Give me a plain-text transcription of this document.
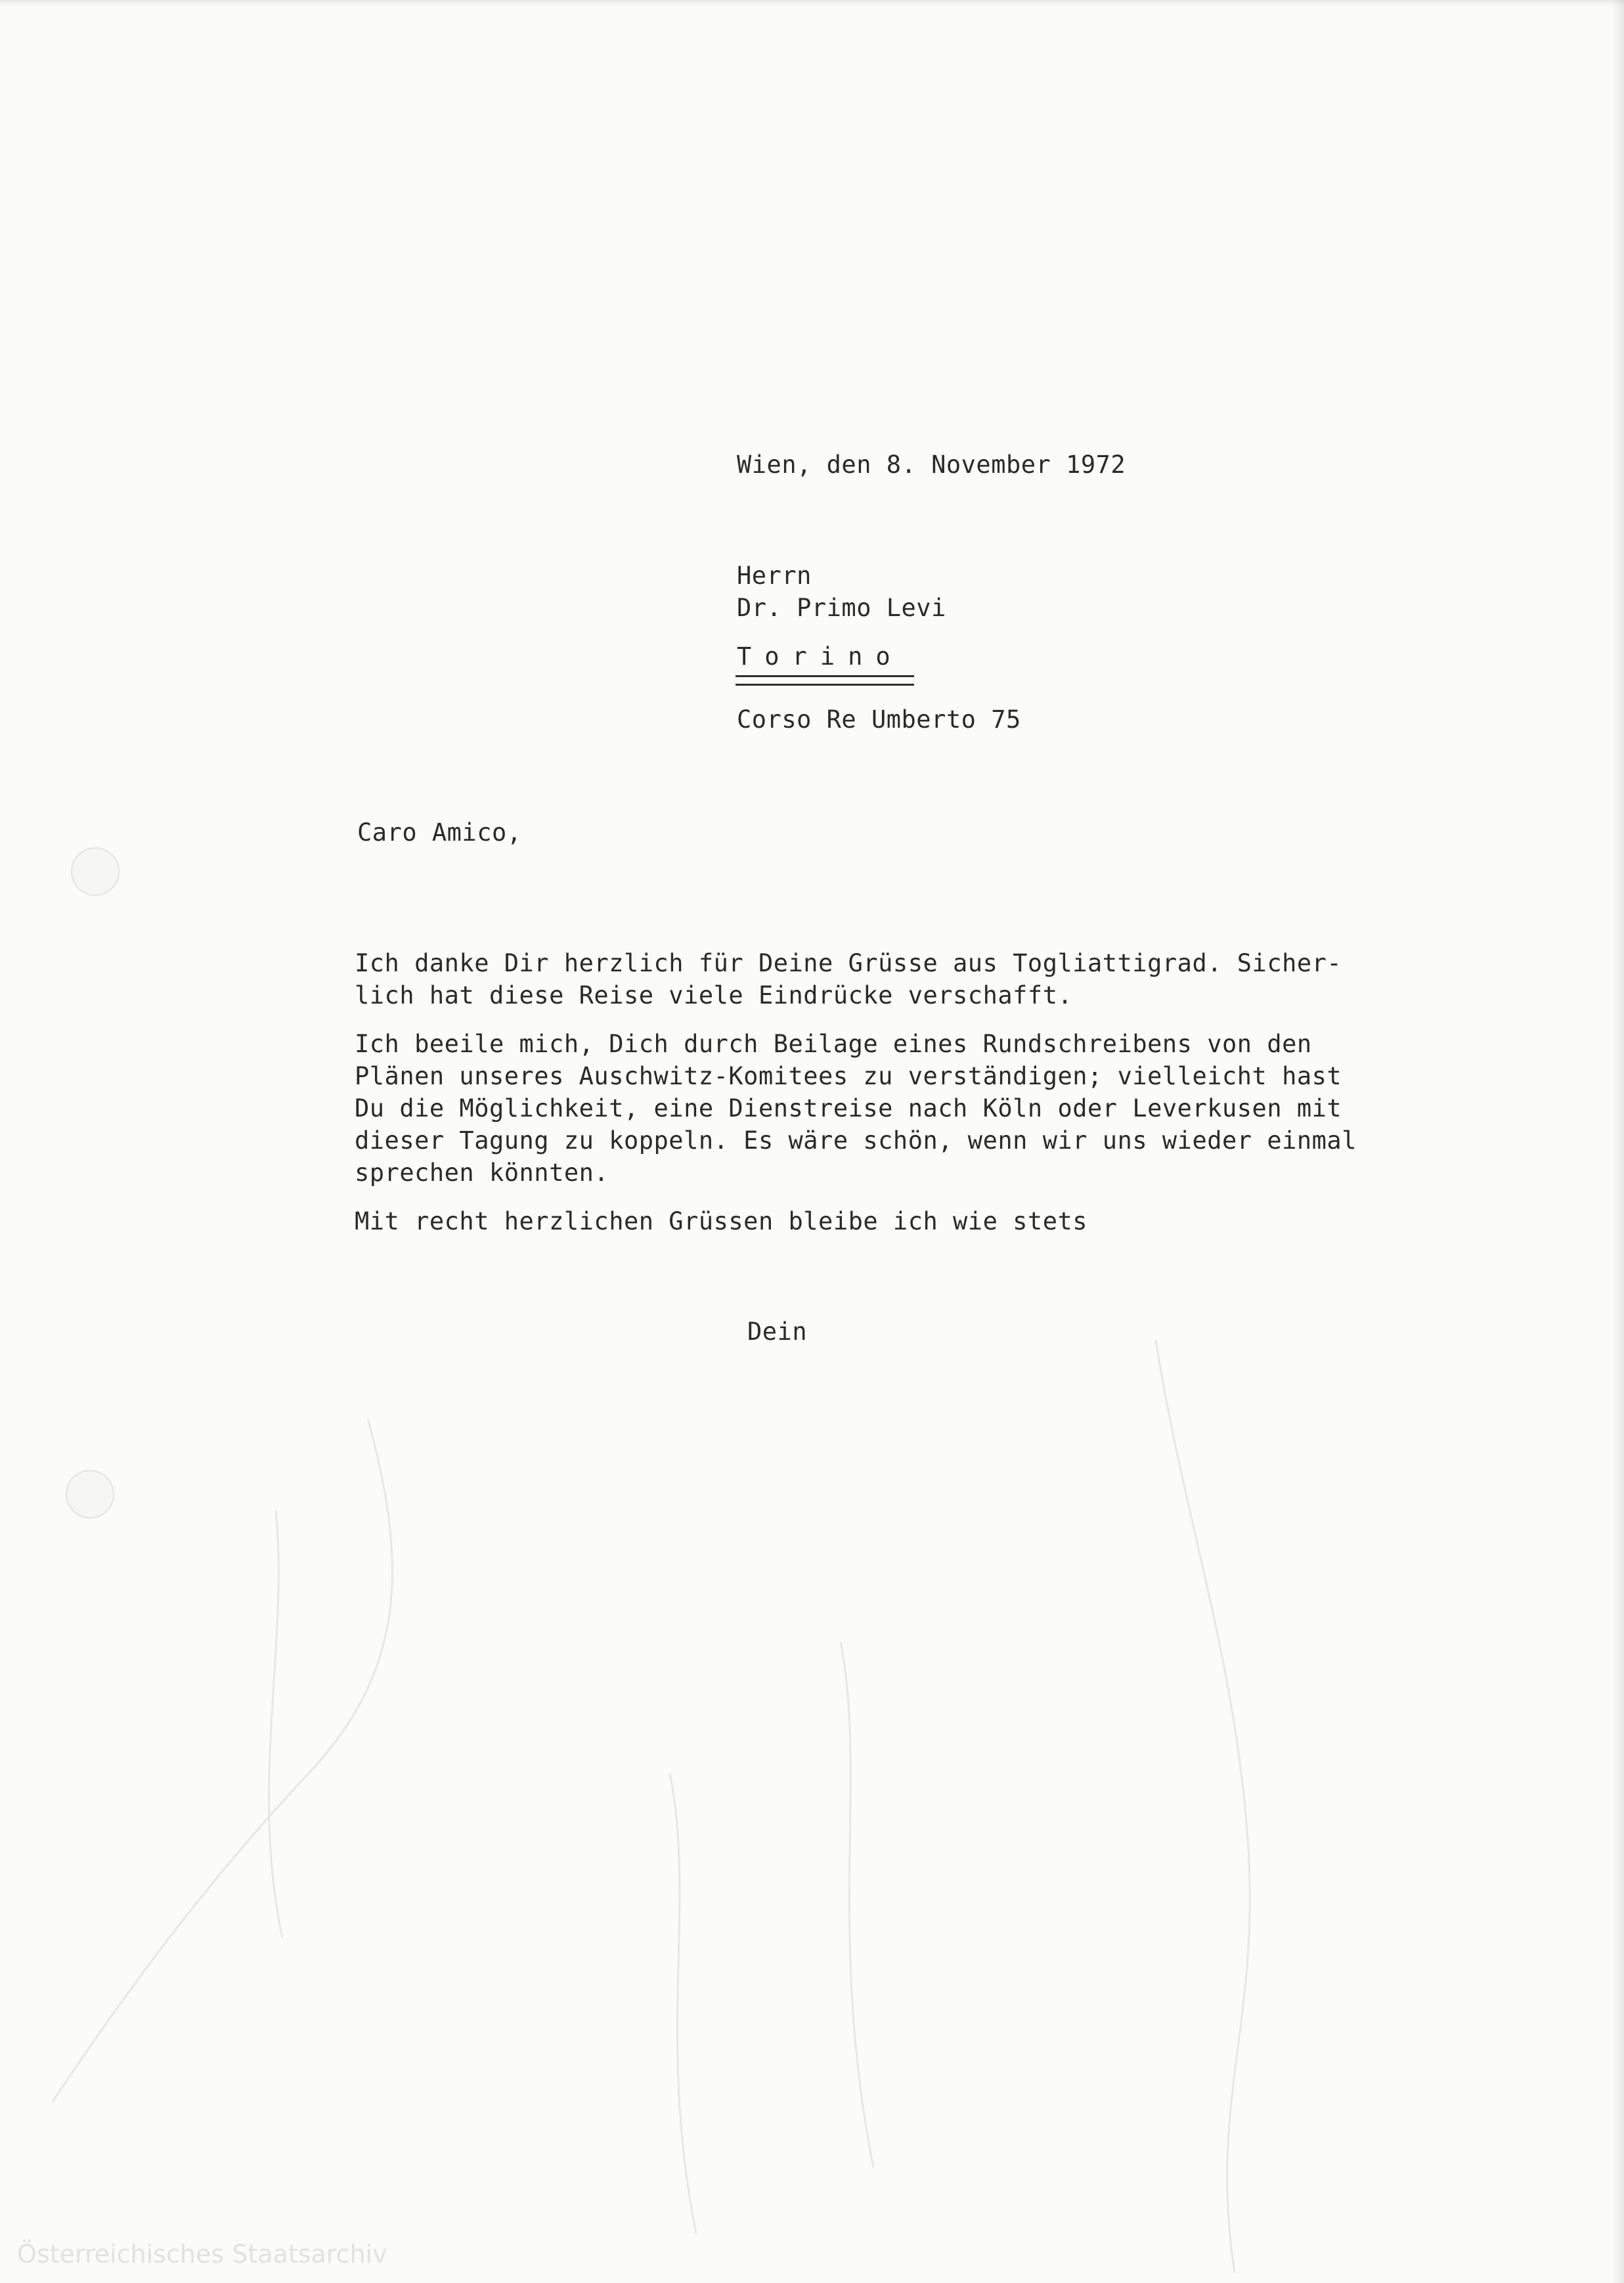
Wien, den 8. November 1972
Herrn
Dr. Primo Levi
Torino
Corso Re Umberto 75
Caro Amico,
Ich danke Dir herzlich für Deine Grüsse aus Togliattigrad. Sicher-
lich hat diese Reise viele Eindrücke verschafft.
Ich beeile mich, Dich durch Beilage eines Rundschreibens von den
Plänen unseres Auschwitz-Komitees zu verständigen; vielleicht hast
Du die Möglichkeit, eine Dienstreise nach Köln oder Leverkusen mit
dieser Tagung zu koppeln. Es wäre schön, wenn wir uns wieder einmal
sprechen könnten.
Mit recht herzlichen Grüssen bleibe ich wie stets
Dein
Österreichisches Staatsarchiv
